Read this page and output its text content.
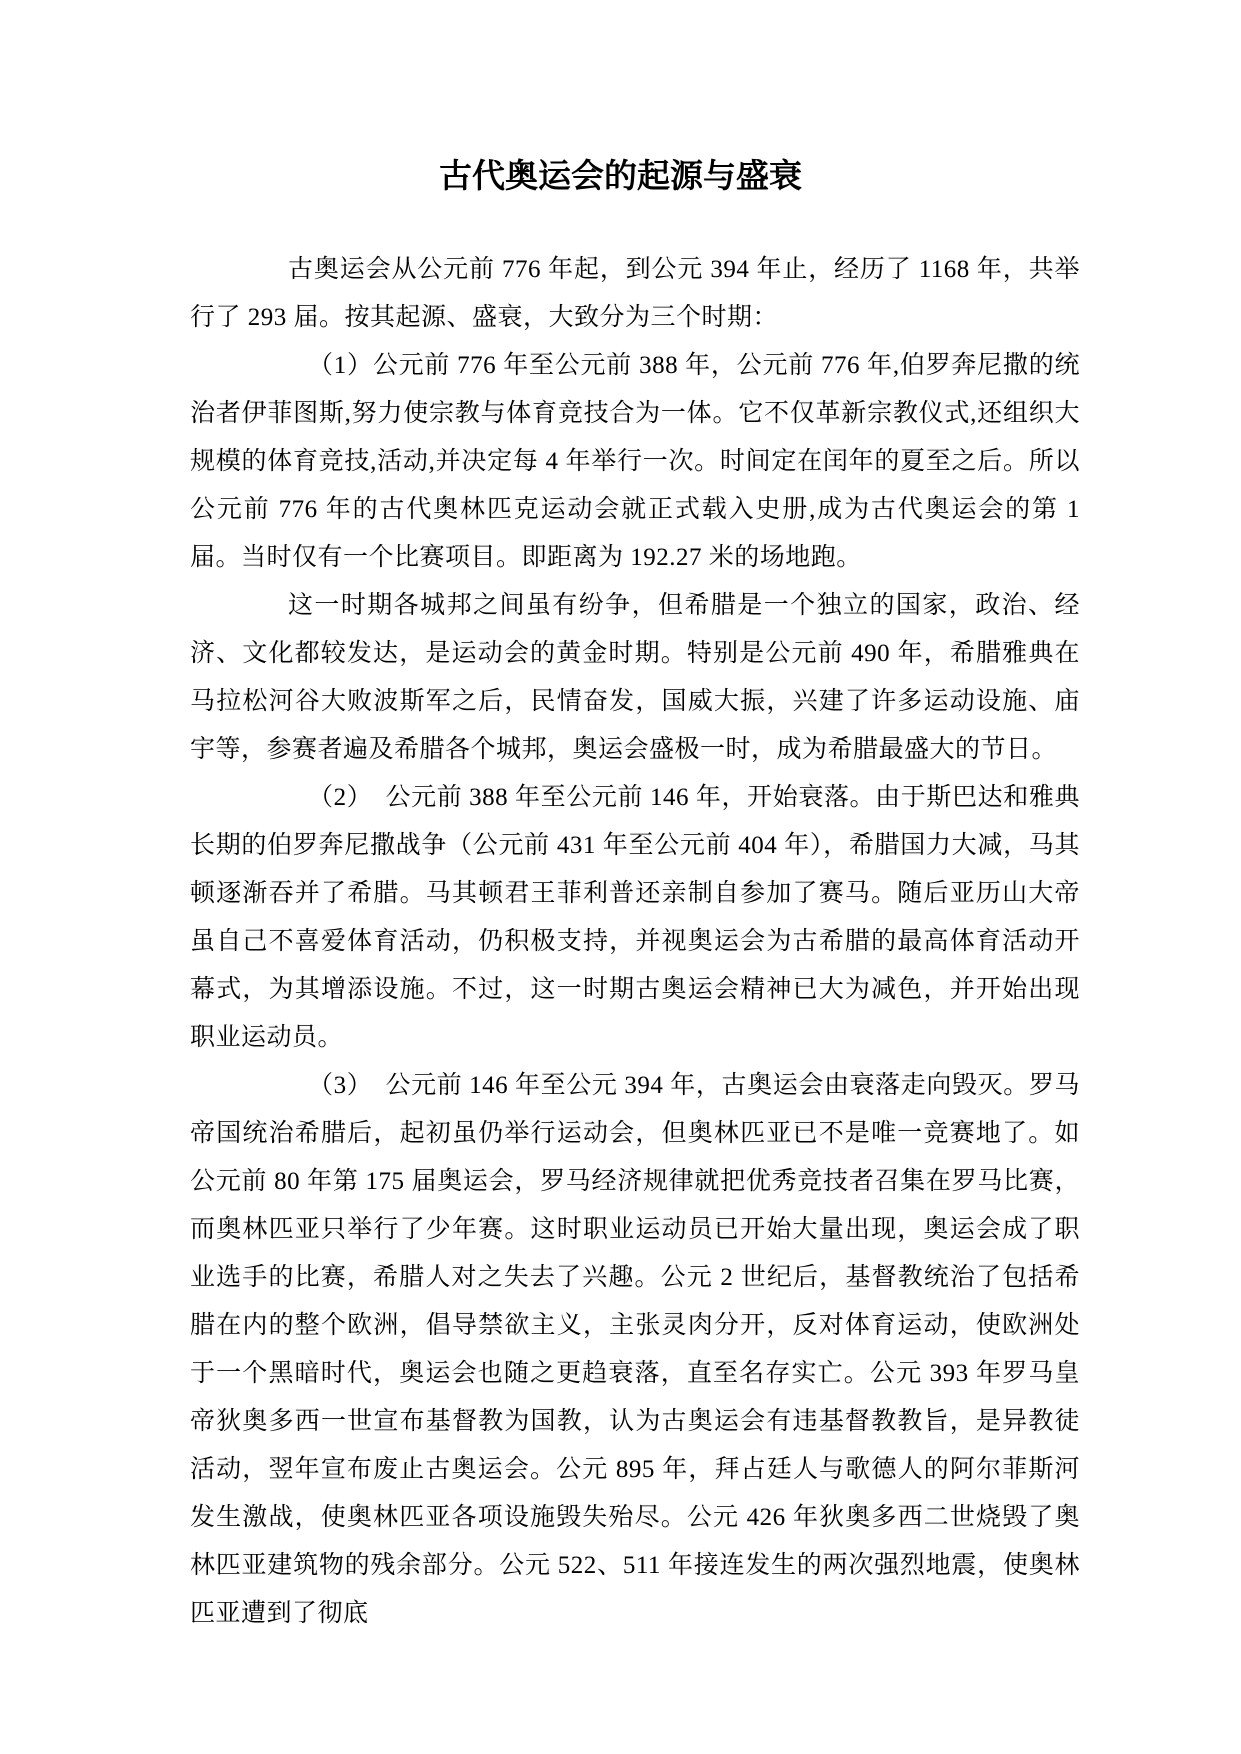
古代奥运会的起源与盛衰

古奥运会从公元前 776 年起，到公元 394 年止，经历了 1168 年，共举行了 293 届。按其起源、盛衰，大致分为三个时期：

（1）公元前 776 年至公元前 388 年，公元前 776 年,伯罗奔尼撒的统治者伊菲图斯,努力使宗教与体育竞技合为一体。它不仅革新宗教仪式,还组织大规模的体育竞技,活动,并决定每 4 年举行一次。时间定在闰年的夏至之后。所以公元前 776 年的古代奥林匹克运动会就正式载入史册,成为古代奥运会的第 1 届。当时仅有一个比赛项目。即距离为 192.27 米的场地跑。

这一时期各城邦之间虽有纷争，但希腊是一个独立的国家，政治、经济、文化都较发达，是运动会的黄金时期。特别是公元前 490 年，希腊雅典在马拉松河谷大败波斯军之后，民情奋发，国威大振，兴建了许多运动设施、庙宇等，参赛者遍及希腊各个城邦，奥运会盛极一时，成为希腊最盛大的节日。

（2）　公元前 388 年至公元前 146 年，开始衰落。由于斯巴达和雅典长期的伯罗奔尼撒战争（公元前 431 年至公元前 404 年），希腊国力大减，马其顿逐渐吞并了希腊。马其顿君王菲利普还亲制自参加了赛马。随后亚历山大帝虽自己不喜爱体育活动，仍积极支持，并视奥运会为古希腊的最高体育活动开幕式，为其增添设施。不过，这一时期古奥运会精神已大为减色，并开始出现职业运动员。

（3）　公元前 146 年至公元 394 年，古奥运会由衰落走向毁灭。罗马帝国统治希腊后，起初虽仍举行运动会，但奥林匹亚已不是唯一竞赛地了。如公元前 80 年第 175 届奥运会，罗马经济规律就把优秀竞技者召集在罗马比赛，而奥林匹亚只举行了少年赛。这时职业运动员已开始大量出现，奥运会成了职业选手的比赛，希腊人对之失去了兴趣。公元 2 世纪后，基督教统治了包括希腊在内的整个欧洲，倡导禁欲主义，主张灵肉分开，反对体育运动，使欧洲处于一个黑暗时代，奥运会也随之更趋衰落，直至名存实亡。公元 393 年罗马皇帝狄奥多西一世宣布基督教为国教，认为古奥运会有违基督教教旨，是异教徒活动，翌年宣布废止古奥运会。公元 895 年，拜占廷人与歌德人的阿尔菲斯河发生激战，使奥林匹亚各项设施毁失殆尽。公元 426 年狄奥多西二世烧毁了奥林匹亚建筑物的残余部分。公元 522、511 年接连发生的两次强烈地震，使奥林匹亚遭到了彻底
